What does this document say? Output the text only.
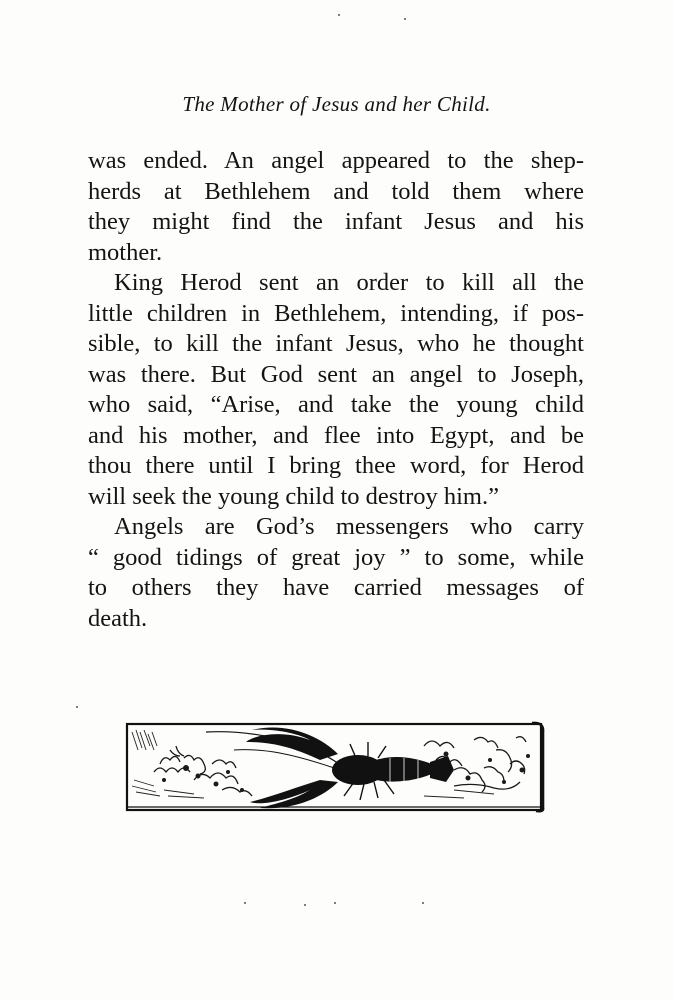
The Mother of Jesus and her Child.

was ended. An angel appeared to the shep-
herds at Bethlehem and told them where
they might find the infant Jesus and his
mother.

King Herod sent an order to kill all the
little children in Bethlehem, intending, if pos-
sible, to kill the infant Jesus, who he thought
was there. But God sent an angel to Joseph,
who said, “Arise, and take the young child
and his mother, and flee into Egypt, and be
thou there until I bring thee word, for Herod
will seek the young child to destroy him.”

Angels are God’s messengers who carry
“ good tidings of great joy ” to some, while
to others they have carried messages of
death.
